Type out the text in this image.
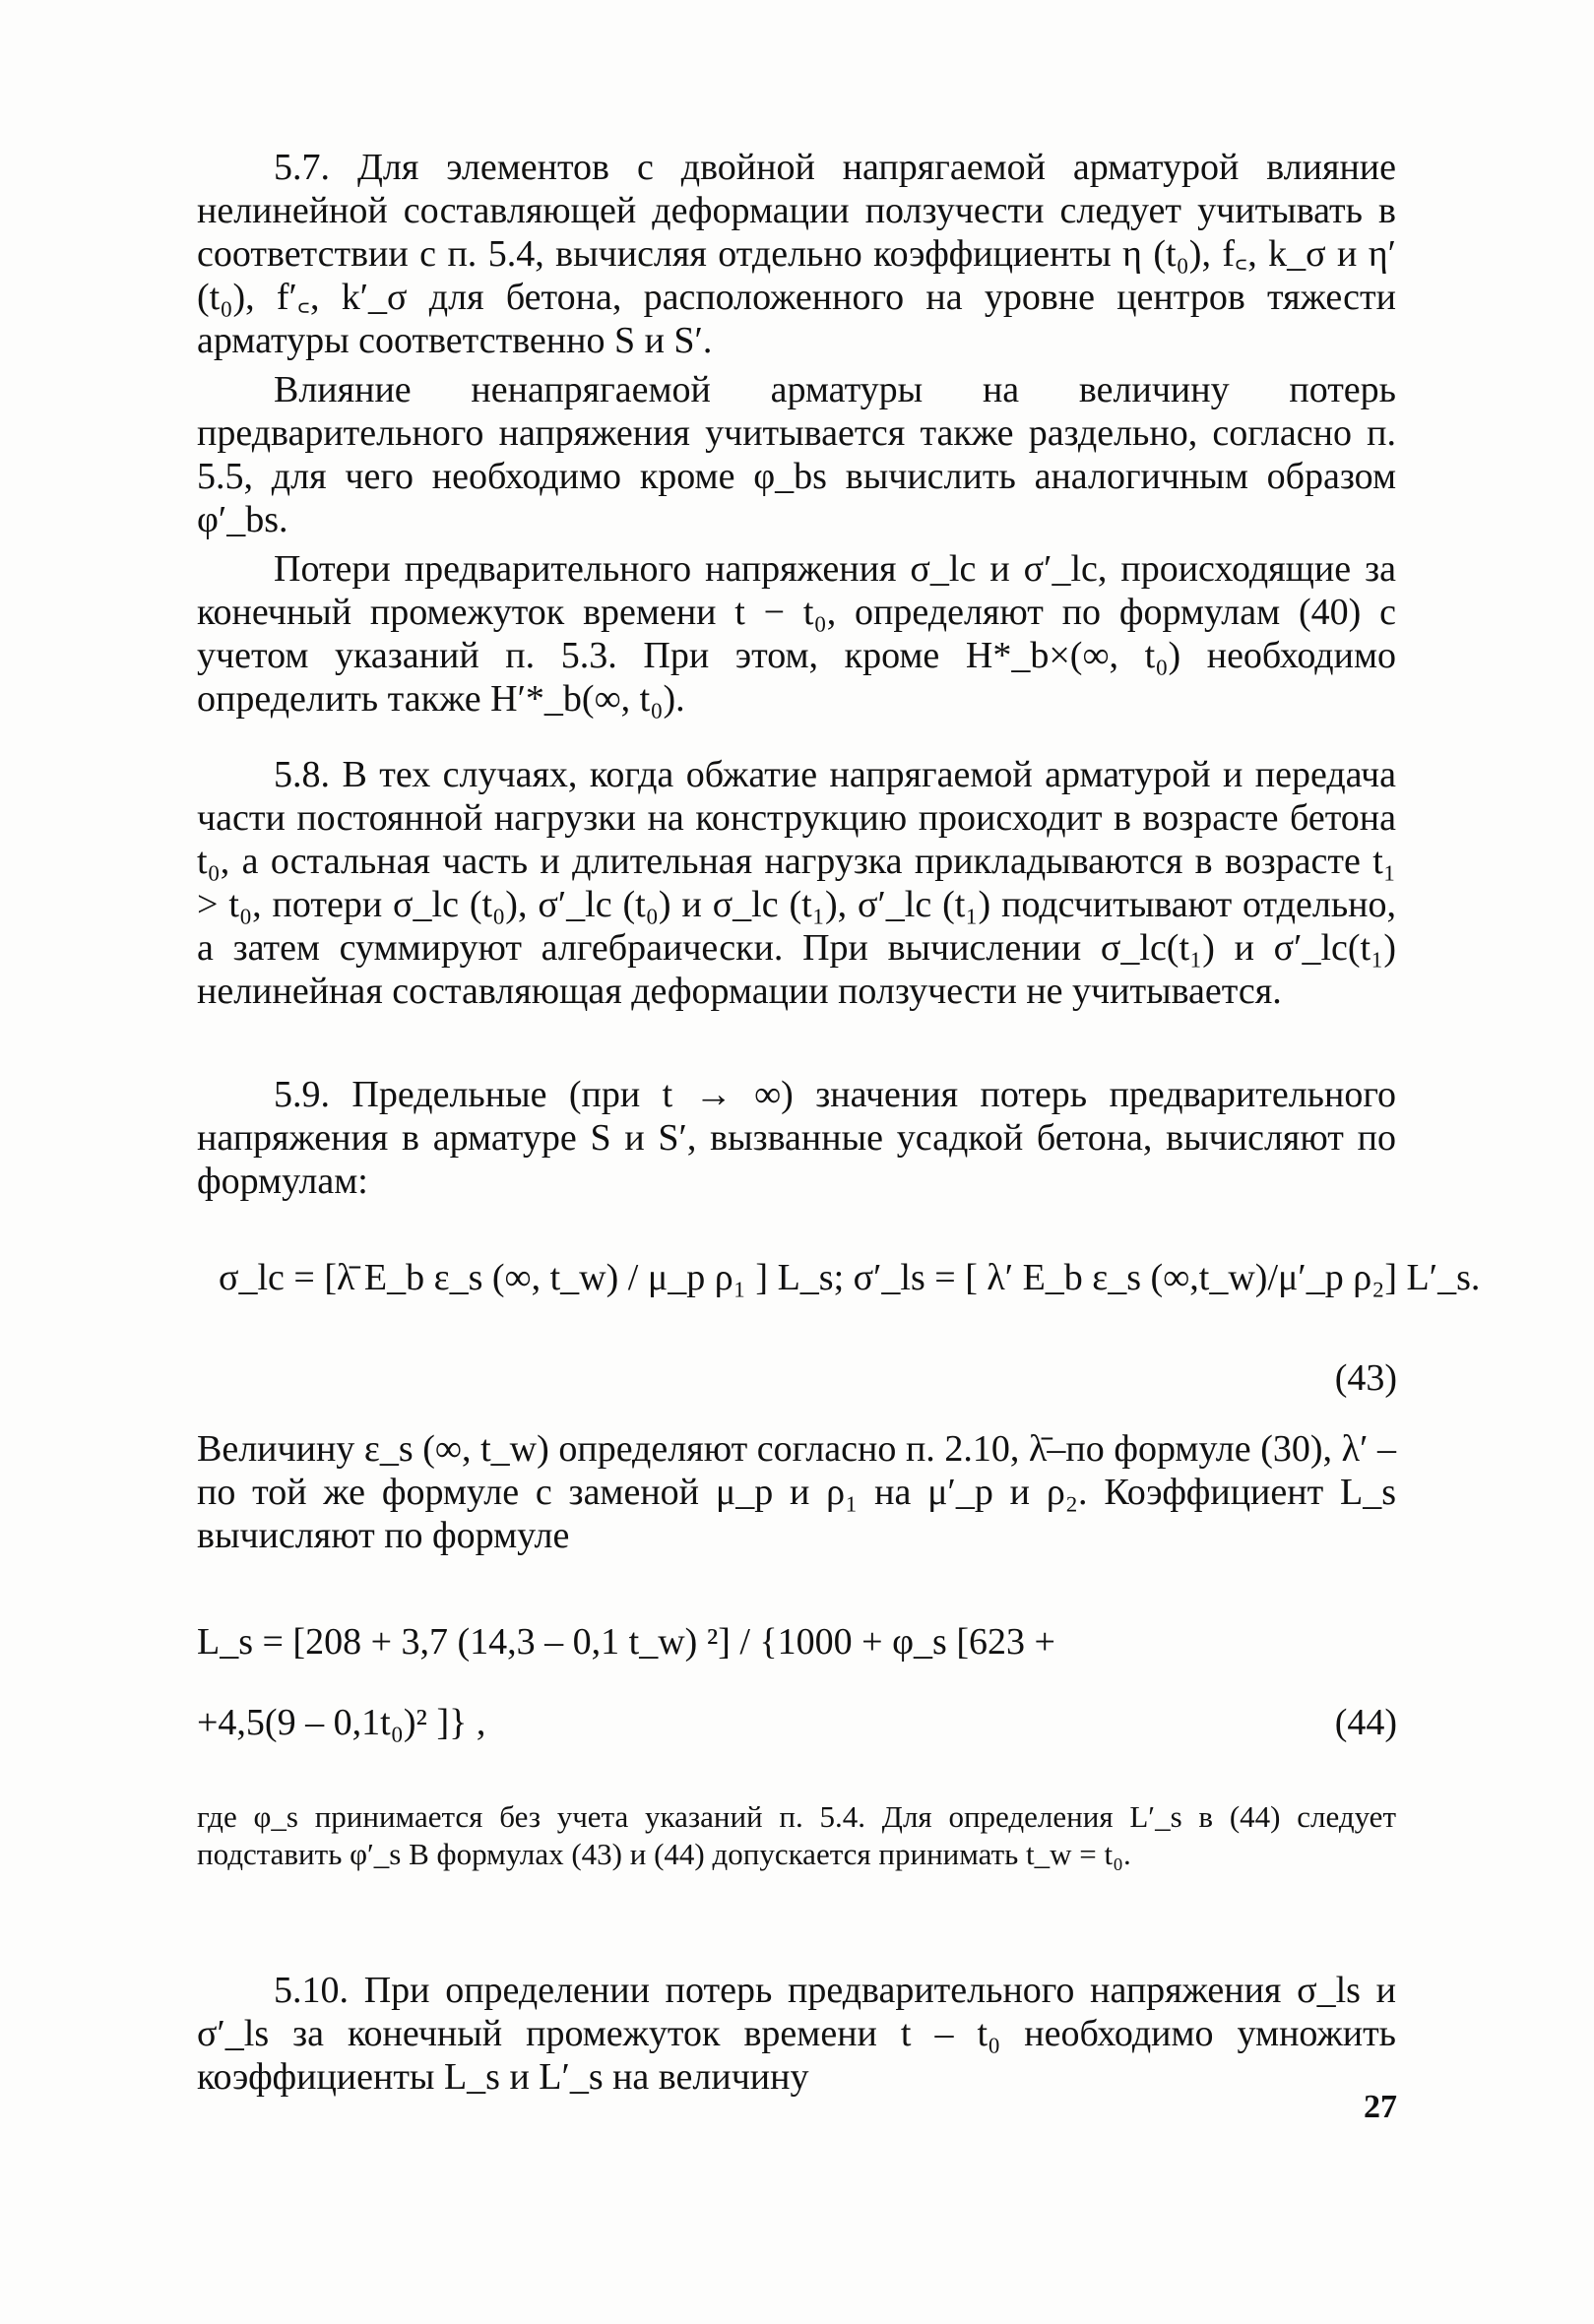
5.7. Для элементов с двойной напрягаемой арматурой влияние нелинейной составляющей деформации ползучести следует учитывать в соответствии с п. 5.4, вычисляя отдельно коэффициенты η (t₀), f꜀, k_σ и η′(t₀), f′꜀, k′_σ для бетона, расположенного на уровне центров тяжести арматуры соответственно S и S′.

Влияние ненапрягаемой арматуры на величину потерь предварительного напряжения учитывается также раздельно, согласно п. 5.5, для чего необходимо кроме φ_bs вычислить аналогичным образом φ′_bs.

Потери предварительного напряжения σ_lc и σ′_lc, происходящие за конечный промежуток времени t − t₀, определяют по формулам (40) с учетом указаний п. 5.3. При этом, кроме H*_b×(∞, t₀) необходимо определить также H′*_b(∞, t₀).

5.8. В тех случаях, когда обжатие напрягаемой арматурой и передача части постоянной нагрузки на конструкцию происходит в возрасте бетона t₀, а остальная часть и длительная нагрузка прикладываются в возрасте t₁ > t₀, потери σ_lc (t₀), σ′_lc (t₀) и σ_lc (t₁), σ′_lc (t₁) подсчитывают отдельно, а затем суммируют алгебраически. При вычислении σ_lc(t₁) и σ′_lc(t₁) нелинейная составляющая деформации ползучести не учитывается.

5.9. Предельные (при t → ∞) значения потерь предварительного напряжения в арматуре S и S′, вызванные усадкой бетона, вычисляют по формулам:

σ_lc = [λ̄ E_b ε_s (∞, t_w) / μ_p ρ₁ ] L_s; σ′_ls = [ λ′ E_b ε_s (∞,t_w)/μ′_p ρ₂] L′_s.
(43)

Величину ε_s (∞, t_w) определяют согласно п. 2.10, λ̄–по формуле (30), λ′ – по той же формуле с заменой μ_p и ρ₁ на μ′_p и ρ₂. Коэффициент L_s вычисляют по формуле

L_s = [208 + 3,7 (14,3 – 0,1 t_w) ²] / {1000 + φ_s [623 +
+4,5(9 – 0,1t₀)² ]} ,	(44)

где φ_s принимается без учета указаний п. 5.4. Для определения L′_s в (44) следует подставить φ′_s В формулах (43) и (44) допускается принимать t_w = t₀.

5.10. При определении потерь предварительного напряжения σ_ls и σ′_ls за конечный промежуток времени t – t₀ необходимо умножить коэффициенты L_s и L′_s на величину

27
